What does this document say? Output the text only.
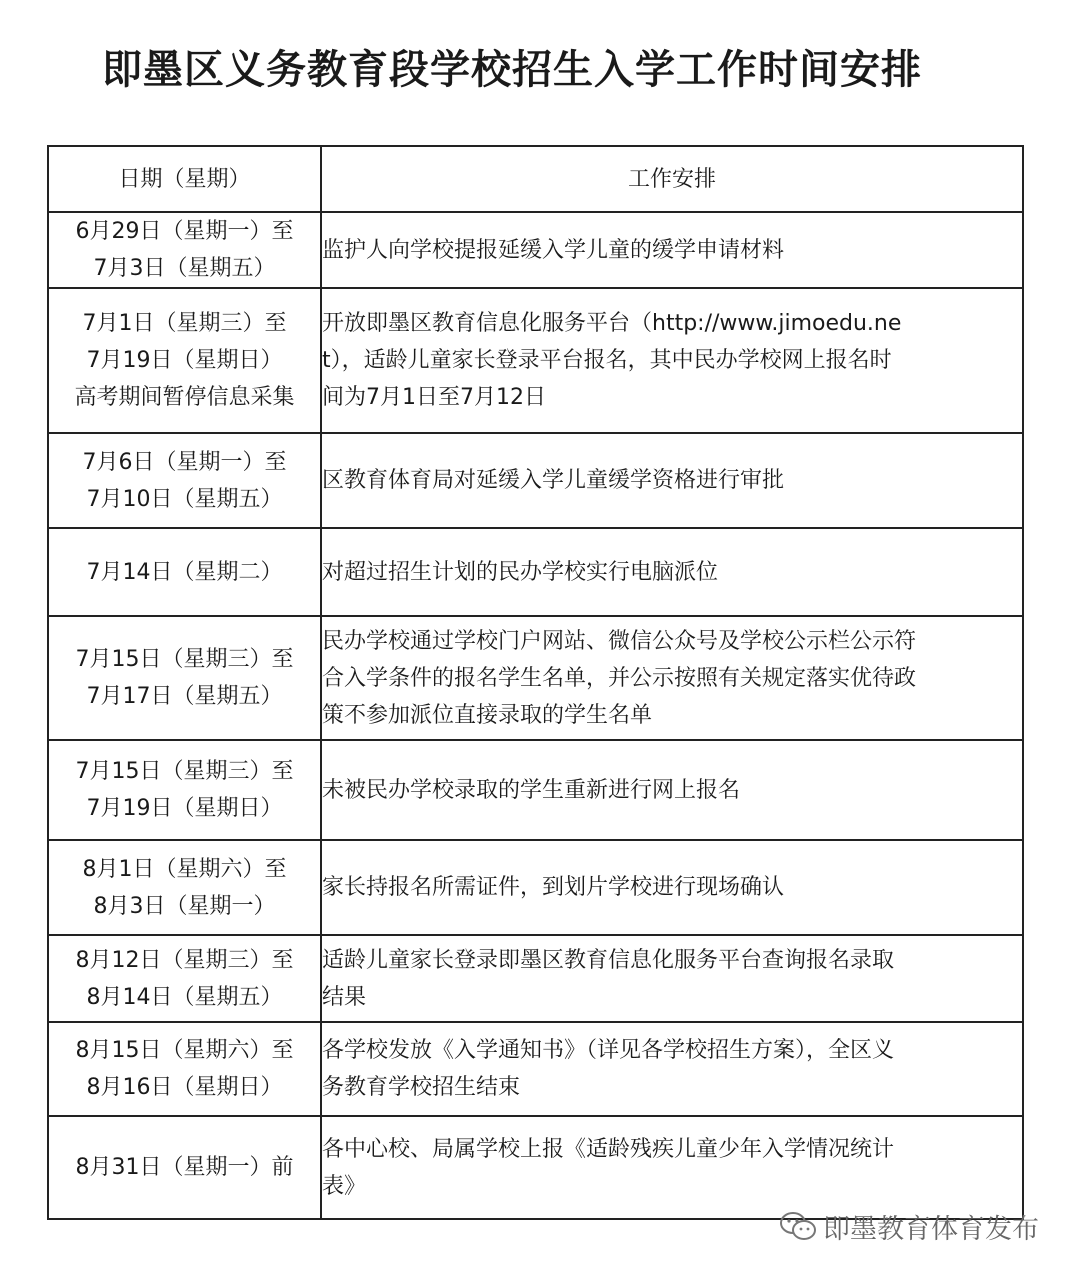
即墨区义务教育段学校招生入学工作时间安排
日期（星期）	工作安排

6月29日（星期一）至
7月3日（星期五）	监护人向学校提报延缓入学儿童的缓学申请材料

7月1日（星期三）至
7月19日（星期日）
高考期间暂停信息采集	开放即墨区教育信息化服务平台（http://www.jimoedu.ne
t），适龄儿童家长登录平台报名，其中民办学校网上报名时
间为7月1日至7月12日

7月6日（星期一）至
7月10日（星期五）	区教育体育局对延缓入学儿童缓学资格进行审批

7月14日（星期二）	对超过招生计划的民办学校实行电脑派位

7月15日（星期三）至
7月17日（星期五）	民办学校通过学校门户网站、微信公众号及学校公示栏公示符
合入学条件的报名学生名单，并公示按照有关规定落实优待政
策不参加派位直接录取的学生名单

7月15日（星期三）至
7月19日（星期日）	未被民办学校录取的学生重新进行网上报名

8月1日（星期六）至
8月3日（星期一）	家长持报名所需证件，到划片学校进行现场确认

8月12日（星期三）至
8月14日（星期五）	适龄儿童家长登录即墨区教育信息化服务平台查询报名录取
结果

8月15日（星期六）至
8月16日（星期日）	各学校发放《入学通知书》（详见各学校招生方案），全区义
务教育学校招生结束

8月31日（星期一）前	各中心校、局属学校上报《适龄残疾儿童少年入学情况统计
表》
即墨教育体育发布
